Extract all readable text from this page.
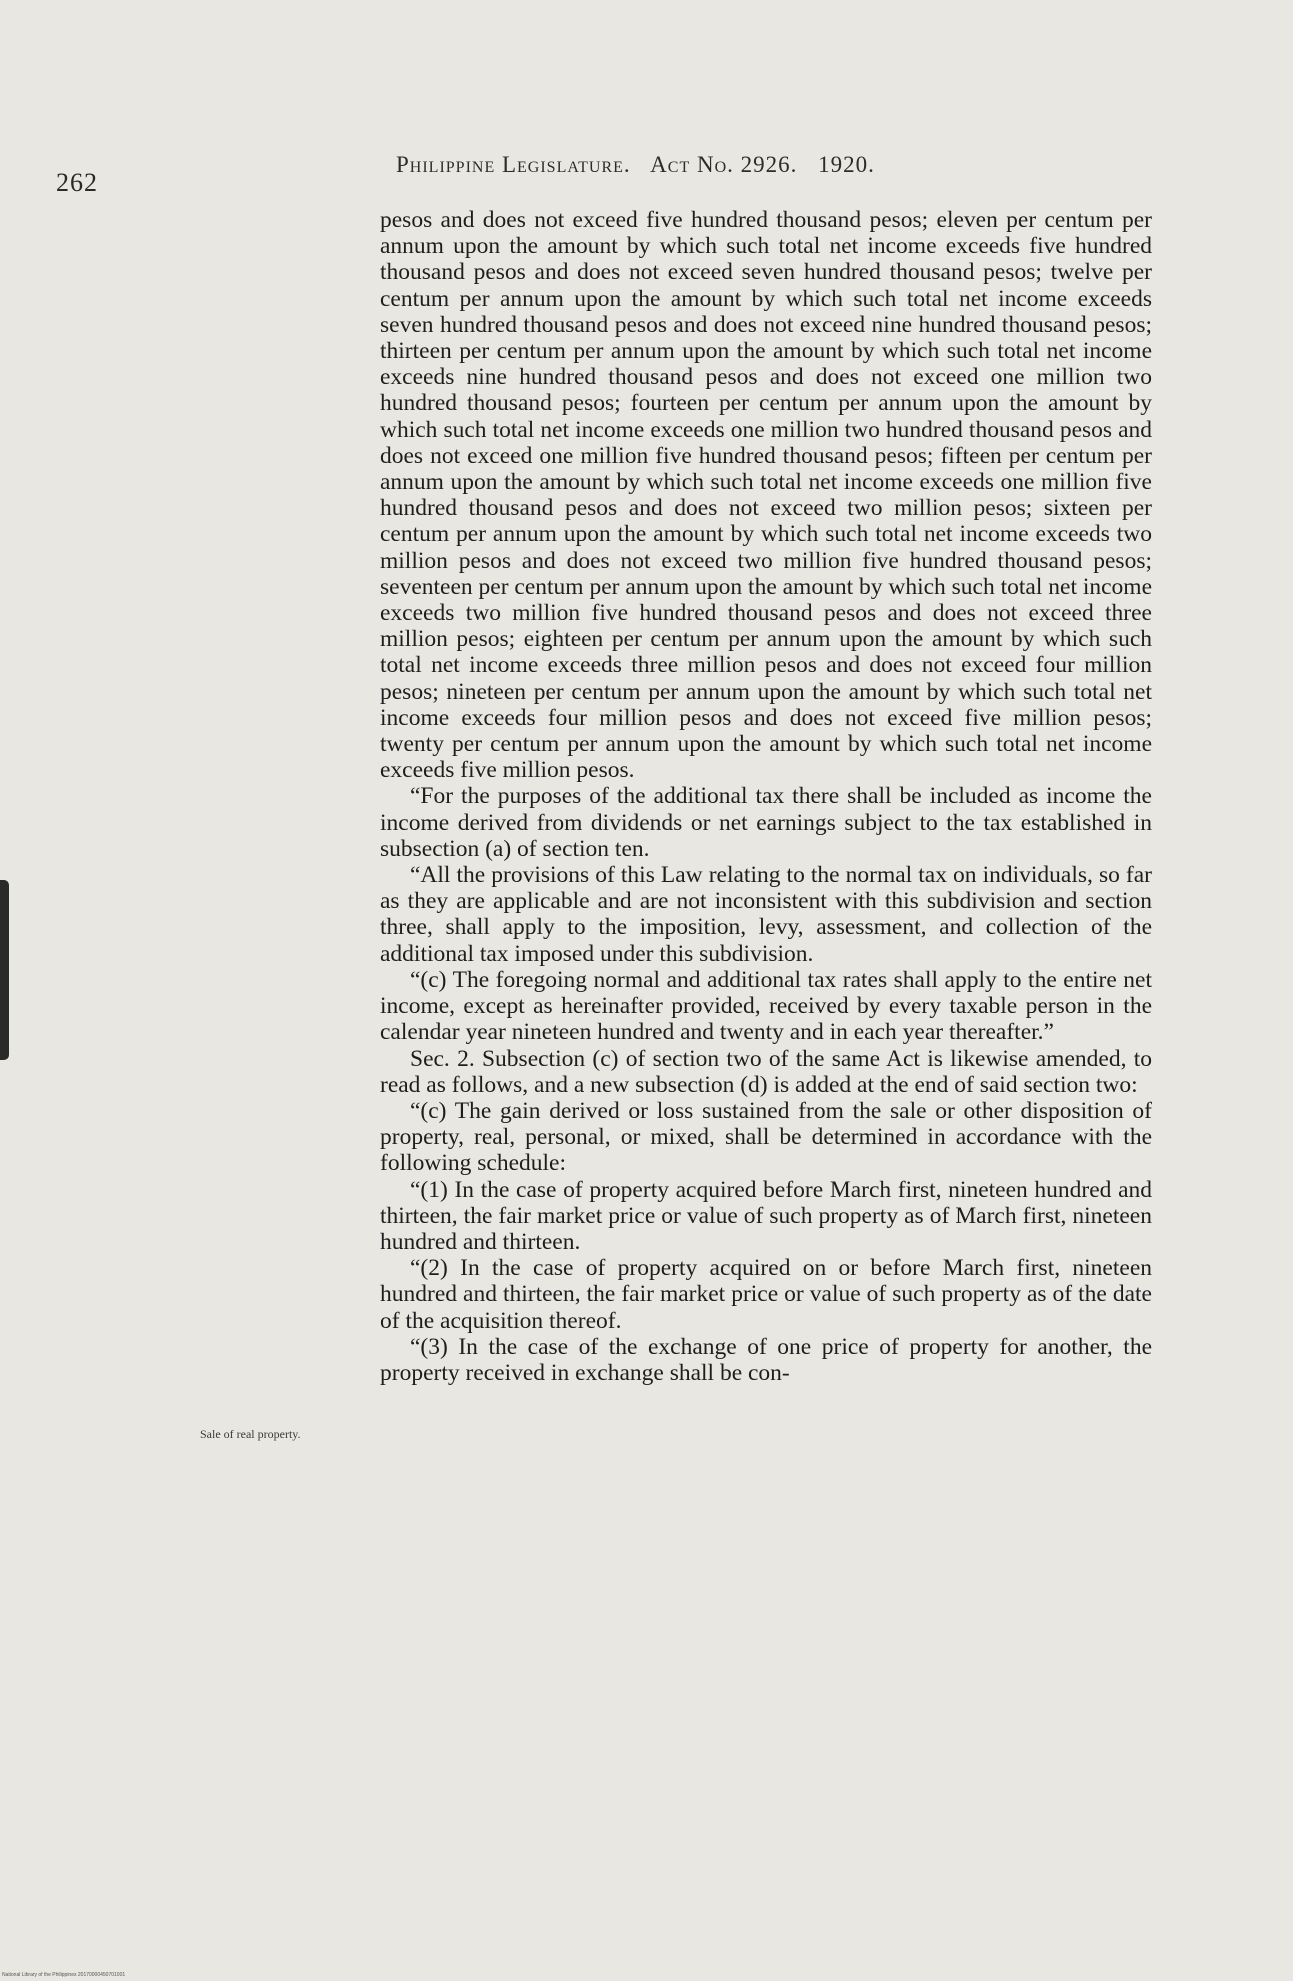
262
Philippine Legislature. Act No. 2926. 1920.

pesos and does not exceed five hundred thousand pesos; eleven per centum per annum upon the amount by which such total net income exceeds five hundred thousand pesos and does not exceed seven hundred thousand pesos; twelve per centum per annum upon the amount by which such total net income exceeds seven hundred thousand pesos and does not exceed nine hundred thousand pesos; thirteen per centum per annum upon the amount by which such total net income exceeds nine hundred thousand pesos and does not exceed one million two hundred thousand pesos; fourteen per centum per annum upon the amount by which such total net income exceeds one million two hundred thousand pesos and does not exceed one million five hundred thousand pesos; fifteen per centum per annum upon the amount by which such total net income exceeds one million five hundred thousand pesos and does not exceed two million pesos; sixteen per centum per annum upon the amount by which such total net income exceeds two million pesos and does not exceed two million five hundred thousand pesos; seventeen per centum per annum upon the amount by which such total net income exceeds two million five hundred thousand pesos and does not exceed three million pesos; eighteen per centum per annum upon the amount by which such total net income exceeds three million pesos and does not exceed four million pesos; nineteen per centum per annum upon the amount by which such total net income exceeds four million pesos and does not exceed five million pesos; twenty per centum per annum upon the amount by which such total net income exceeds five million pesos.

“For the purposes of the additional tax there shall be included as income the income derived from dividends or net earnings subject to the tax established in subsection (a) of section ten.

“All the provisions of this Law relating to the normal tax on individuals, so far as they are applicable and are not inconsistent with this subdivision and section three, shall apply to the imposition, levy, assessment, and collection of the additional tax imposed under this subdivision.

“(c) The foregoing normal and additional tax rates shall apply to the entire net income, except as hereinafter provided, received by every taxable person in the calendar year nineteen hundred and twenty and in each year thereafter.”

Sec. 2. Subsection (c) of section two of the same Act is likewise amended, to read as follows, and a new subsection (d) is added at the end of said section two:

“(c) The gain derived or loss sustained from the sale or other disposition of property, real, personal, or mixed, shall be determined in accordance with the following schedule:

“(1) In the case of property acquired before March first, nineteen hundred and thirteen, the fair market price or value of such property as of March first, nineteen hundred and thirteen.

“(2) In the case of property acquired on or before March first, nineteen hundred and thirteen, the fair market price or value of such property as of the date of the acquisition thereof.

“(3) In the case of the exchange of one price of property for another, the property received in exchange shall be con-

Sale of real property.
National Library of the Philippines 20170000450701001
